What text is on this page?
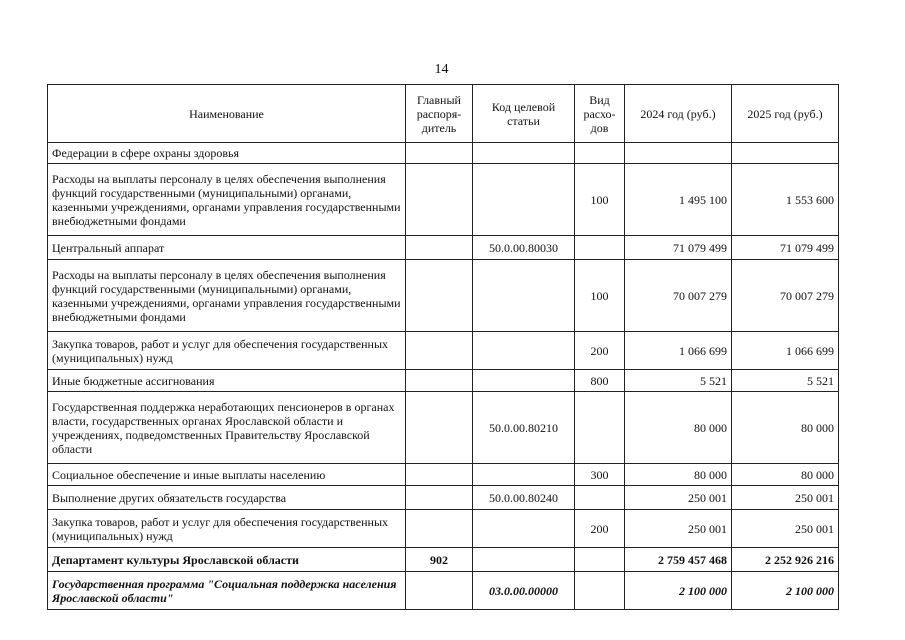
14
Наименование	Главный распоря-дитель	Код целевой статьи	Вид расхо-дов	2024 год (руб.)	2025 год (руб.)
Федерации в сфере охраны здоровья					
Расходы на выплаты персоналу в целях обеспечения выполнения функций государственными (муниципальными) органами, казенными учреждениями, органами управления государственными внебюджетными фондами			100	1 495 100	1 553 600
Центральный аппарат		50.0.00.80030		71 079 499	71 079 499
Расходы на выплаты персоналу в целях обеспечения выполнения функций государственными (муниципальными) органами, казенными учреждениями, органами управления государственными внебюджетными фондами			100	70 007 279	70 007 279
Закупка товаров, работ и услуг для обеспечения государственных (муниципальных) нужд			200	1 066 699	1 066 699
Иные бюджетные ассигнования			800	5 521	5 521
Государственная поддержка неработающих пенсионеров в органах власти, государственных органах Ярославской области и учреждениях, подведомственных Правительству Ярославской области		50.0.00.80210		80 000	80 000
Социальное обеспечение и иные выплаты населению			300	80 000	80 000
Выполнение других обязательств государства		50.0.00.80240		250 001	250 001
Закупка товаров, работ и услуг для обеспечения государственных (муниципальных) нужд			200	250 001	250 001
Департамент культуры Ярославской области	902			2 759 457 468	2 252 926 216
Государственная программа "Социальная поддержка населения Ярославской области"		03.0.00.00000		2 100 000	2 100 000
